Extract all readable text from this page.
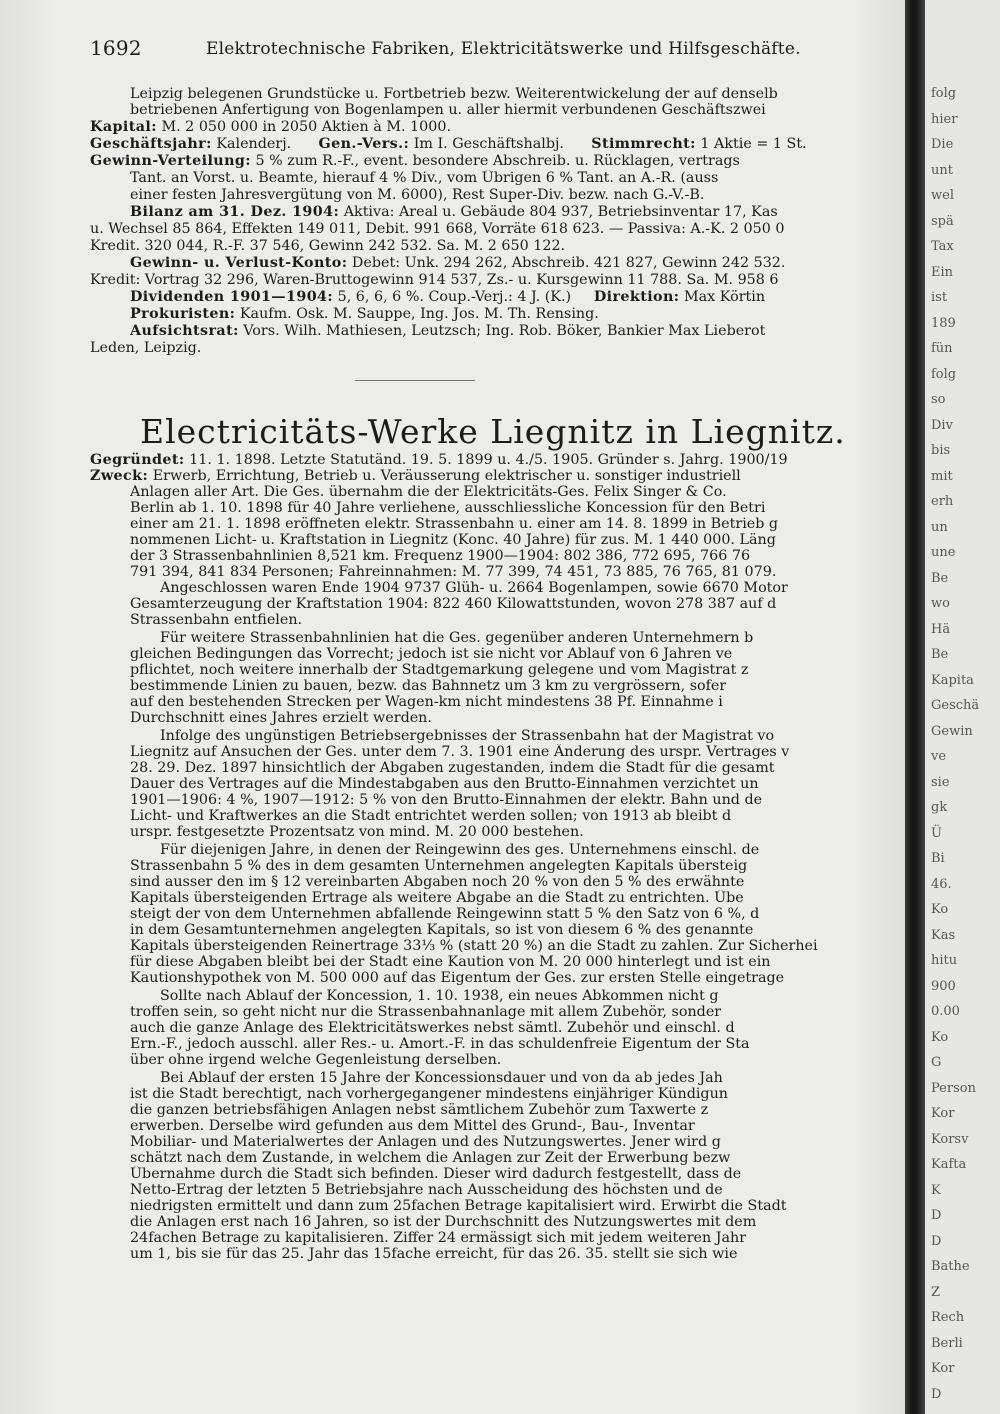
1692	Elektrotechnische Fabriken, Elektricitätswerke und Hilfsgeschäfte.
Leipzig belegenen Grundstücke u. Fortbetrieb bezw. Weiterentwickelung der auf denselb
betriebenen Anfertigung von Bogenlampen u. aller hiermit verbundenen Geschäftszwei
Kapital: M. 2 050 000 in 2050 Aktien à M. 1000.
Geschäftsjahr: Kalenderj. Gen.-Vers.: Im I. Geschäftshalbj. Stimmrecht: 1 Aktie = 1 St.
Gewinn-Verteilung: 5 % zum R.-F., event. besondere Abschreib. u. Rücklagen, vertrags
Tant. an Vorst. u. Beamte, hierauf 4 % Div., vom Übrigen 6 % Tant. an A.-R. (auss
einer festen Jahresvergütung von M. 6000), Rest Super-Div. bezw. nach G.-V.-B.
Bilanz am 31. Dez. 1904: Aktiva: Areal u. Gebäude 804 937, Betriebsinventar 17, Kas
u. Wechsel 85 864, Effekten 149 011, Debit. 991 668, Vorräte 618 623. — Passiva: A.-K. 2 050 0
Kredit. 320 044, R.-F. 37 546, Gewinn 242 532. Sa. M. 2 650 122.
Gewinn- u. Verlust-Konto: Debet: Unk. 294 262, Abschreib. 421 827, Gewinn 242 532.
Kredit: Vortrag 32 296, Waren-Bruttogewinn 914 537, Zs.- u. Kursgewinn 11 788. Sa. M. 958 6
Dividenden 1901—1904: 5, 6, 6, 6 %. Coup.-Verj.: 4 J. (K.) Direktion: Max Körtin
Prokuristen: Kaufm. Osk. M. Sauppe, Ing. Jos. M. Th. Rensing.
Aufsichtsrat: Vors. Wilh. Mathiesen, Leutzsch; Ing. Rob. Böker, Bankier Max Lieberot
Leden, Leipzig.
Electricitäts-Werke Liegnitz in Liegnitz.
Gegründet: 11. 1. 1898. Letzte Statutänd. 19. 5. 1899 u. 4./5. 1905. Gründer s. Jahrg. 1900/19
Zweck: Erwerb, Errichtung, Betrieb u. Veräusserung elektrischer u. sonstiger industriell
Anlagen aller Art. Die Ges. übernahm die der Elektricitäts-Ges. Felix Singer & Co.
Berlin ab 1. 10. 1898 für 40 Jahre verliehene, ausschliessliche Koncession für den Betri
einer am 21. 1. 1898 eröffneten elektr. Strassenbahn u. einer am 14. 8. 1899 in Betrieb g
nommenen Licht- u. Kraftstation in Liegnitz (Konc. 40 Jahre) für zus. M. 1 440 000. Läng
der 3 Strassenbahnlinien 8,521 km. Frequenz 1900—1904: 802 386, 772 695, 766 76
791 394, 841 834 Personen; Fahreinnahmen: M. 77 399, 74 451, 73 885, 76 765, 81 079.
Angeschlossen waren Ende 1904 9737 Glüh- u. 2664 Bogenlampen, sowie 6670 Motor
Gesamterzeugung der Kraftstation 1904: 822 460 Kilowattstunden, wovon 278 387 auf d
Strassenbahn entfielen.
Für weitere Strassenbahnlinien hat die Ges. gegenüber anderen Unternehmern b
gleichen Bedingungen das Vorrecht; jedoch ist sie nicht vor Ablauf von 6 Jahren ve
pflichtet, noch weitere innerhalb der Stadtgemarkung gelegene und vom Magistrat z
bestimmende Linien zu bauen, bezw. das Bahnnetz um 3 km zu vergrössern, sofer
auf den bestehenden Strecken per Wagen-km nicht mindestens 38 Pf. Einnahme i
Durchschnitt eines Jahres erzielt werden.
Infolge des ungünstigen Betriebsergebnisses der Strassenbahn hat der Magistrat vo
Liegnitz auf Ansuchen der Ges. unter dem 7. 3. 1901 eine Änderung des urspr. Vertrages v
28. 29. Dez. 1897 hinsichtlich der Abgaben zugestanden, indem die Stadt für die gesamt
Dauer des Vertrages auf die Mindestabgaben aus den Brutto-Einnahmen verzichtet un
1901—1906: 4 %, 1907—1912: 5 % von den Brutto-Einnahmen der elektr. Bahn und de
Licht- und Kraftwerkes an die Stadt entrichtet werden sollen; von 1913 ab bleibt d
urspr. festgesetzte Prozentsatz von mind. M. 20 000 bestehen.
Für diejenigen Jahre, in denen der Reingewinn des ges. Unternehmens einschl. de
Strassenbahn 5 % des in dem gesamten Unternehmen angelegten Kapitals übersteig
sind ausser den im § 12 vereinbarten Abgaben noch 20 % von den 5 % des erwähnte
Kapitals übersteigenden Ertrage als weitere Abgabe an die Stadt zu entrichten. Übe
steigt der von dem Unternehmen abfallende Reingewinn statt 5 % den Satz von 6 %, d
in dem Gesamtunternehmen angelegten Kapitals, so ist von diesem 6 % des genannte
Kapitals übersteigenden Reinertrage 33⅓ % (statt 20 %) an die Stadt zu zahlen. Zur Sicherhei
für diese Abgaben bleibt bei der Stadt eine Kaution von M. 20 000 hinterlegt und ist ein
Kautionshypothek von M. 500 000 auf das Eigentum der Ges. zur ersten Stelle eingetrage
Sollte nach Ablauf der Koncession, 1. 10. 1938, ein neues Abkommen nicht g
troffen sein, so geht nicht nur die Strassenbahnanlage mit allem Zubehör, sonder
auch die ganze Anlage des Elektricitätswerkes nebst sämtl. Zubehör und einschl. d
Ern.-F., jedoch ausschl. aller Res.- u. Amort.-F. in das schuldenfreie Eigentum der Sta
über ohne irgend welche Gegenleistung derselben.
Bei Ablauf der ersten 15 Jahre der Koncessionsdauer und von da ab jedes Jah
ist die Stadt berechtigt, nach vorhergegangener mindestens einjähriger Kündigun
die ganzen betriebsfähigen Anlagen nebst sämtlichem Zubehör zum Taxwerte z
erwerben. Derselbe wird gefunden aus dem Mittel des Grund-, Bau-, Inventar
Mobiliar- und Materialwertes der Anlagen und des Nutzungswertes. Jener wird g
schätzt nach dem Zustande, in welchem die Anlagen zur Zeit der Erwerbung bezw
Übernahme durch die Stadt sich befinden. Dieser wird dadurch festgestellt, dass de
Netto-Ertrag der letzten 5 Betriebsjahre nach Ausscheidung des höchsten und de
niedrigsten ermittelt und dann zum 25fachen Betrage kapitalisiert wird. Erwirbt die Stadt
die Anlagen erst nach 16 Jahren, so ist der Durchschnitt des Nutzungswertes mit dem
24fachen Betrage zu kapitalisieren. Ziffer 24 ermässigt sich mit jedem weiteren Jahr
um 1, bis sie für das 25. Jahr das 15fache erreicht, für das 26. 35. stellt sie sich wie
folg
hier
Die
unt
wel
spä
Tax
Ein
ist
189
fün
folg
so
Div
bis
mit
erh
un
une
Be
wo
Hä
Be
Kapita
Geschä
Gewin
ve
sie
gk
Ü
Bi
46.
Ko
Kas
hitu
900
0.00
Ko
G
Person
Kor
Korsv
Kafta
K
D
D
Bathe
Z
Rech
Berli
Kor
D
